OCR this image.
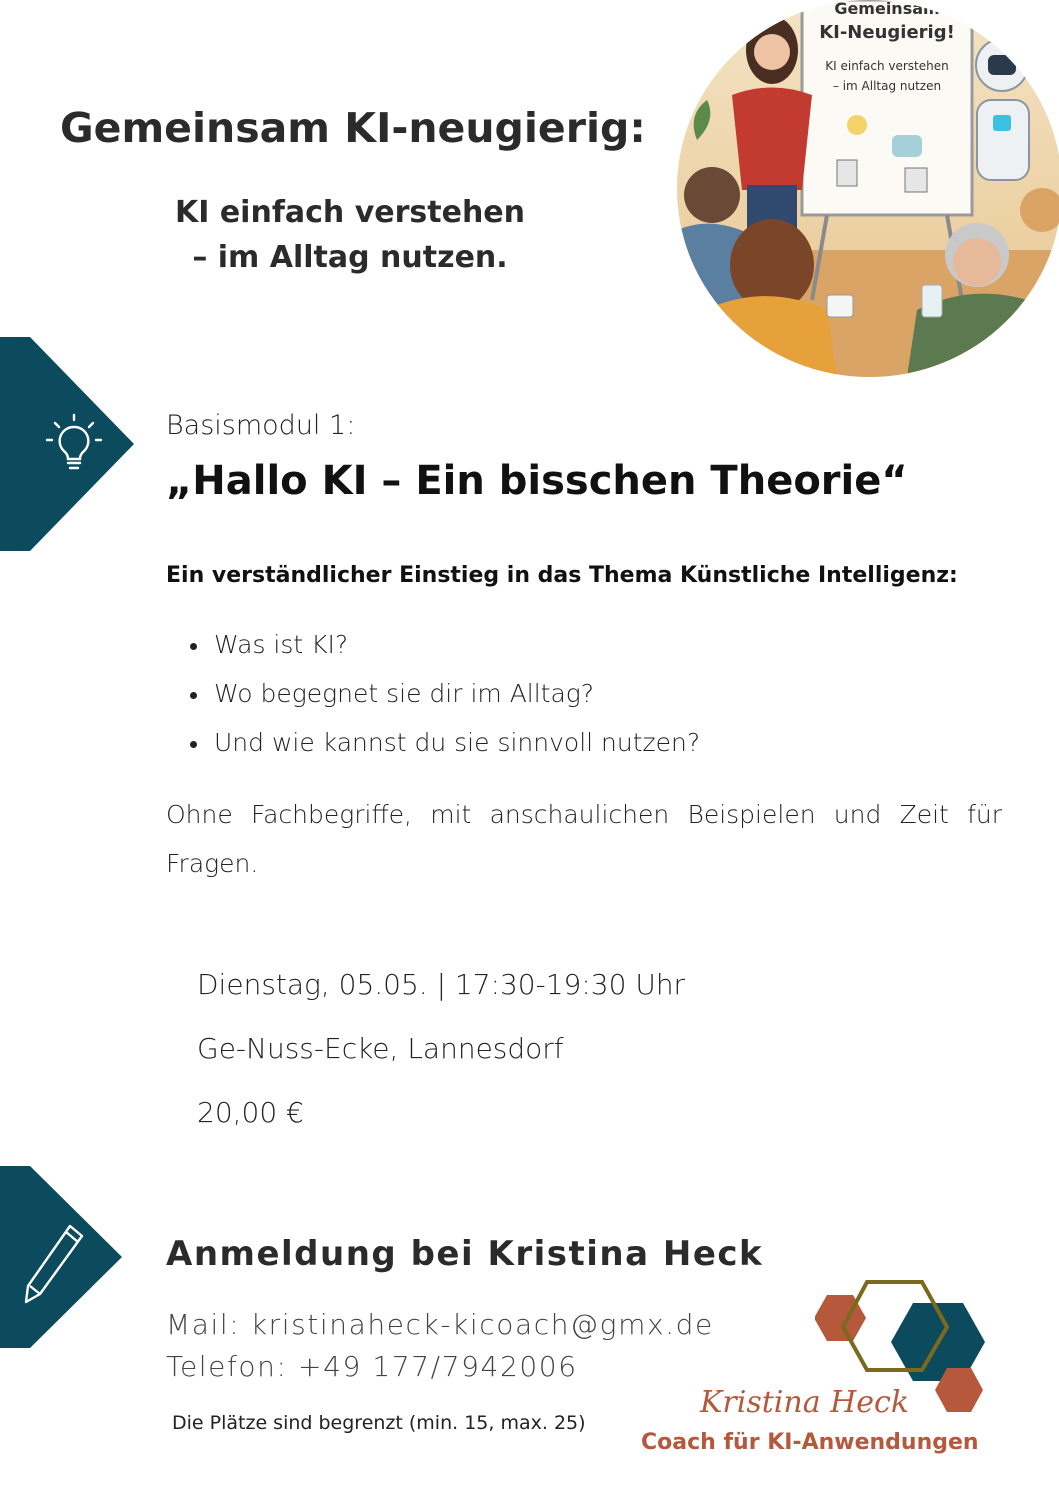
Gemeinsam KI-neugierig:
KI einfach verstehen
– im Alltag nutzen.
Gemeinsam
KI-Neugierig!
KI einfach verstehen
– im Alltag nutzen
Basismodul 1:
„Hallo KI – Ein bisschen Theorie“
Ein verständlicher Einstieg in das Thema Künstliche Intelligenz:
Was ist KI?
Wo begegnet sie dir im Alltag?
Und wie kannst du sie sinnvoll nutzen?
Ohne Fachbegriffe, mit anschaulichen Beispielen und Zeit für Fragen.
Dienstag, 05.05. | 17:30-19:30 Uhr
Ge-Nuss-Ecke, Lannesdorf
20,00 €
Anmeldung bei Kristina Heck
Mail: kristinaheck-kicoach@gmx.de
Telefon: +49 177/7942006
Die Plätze sind begrenzt (min. 15, max. 25)
Kristina Heck
Coach für KI-Anwendungen
